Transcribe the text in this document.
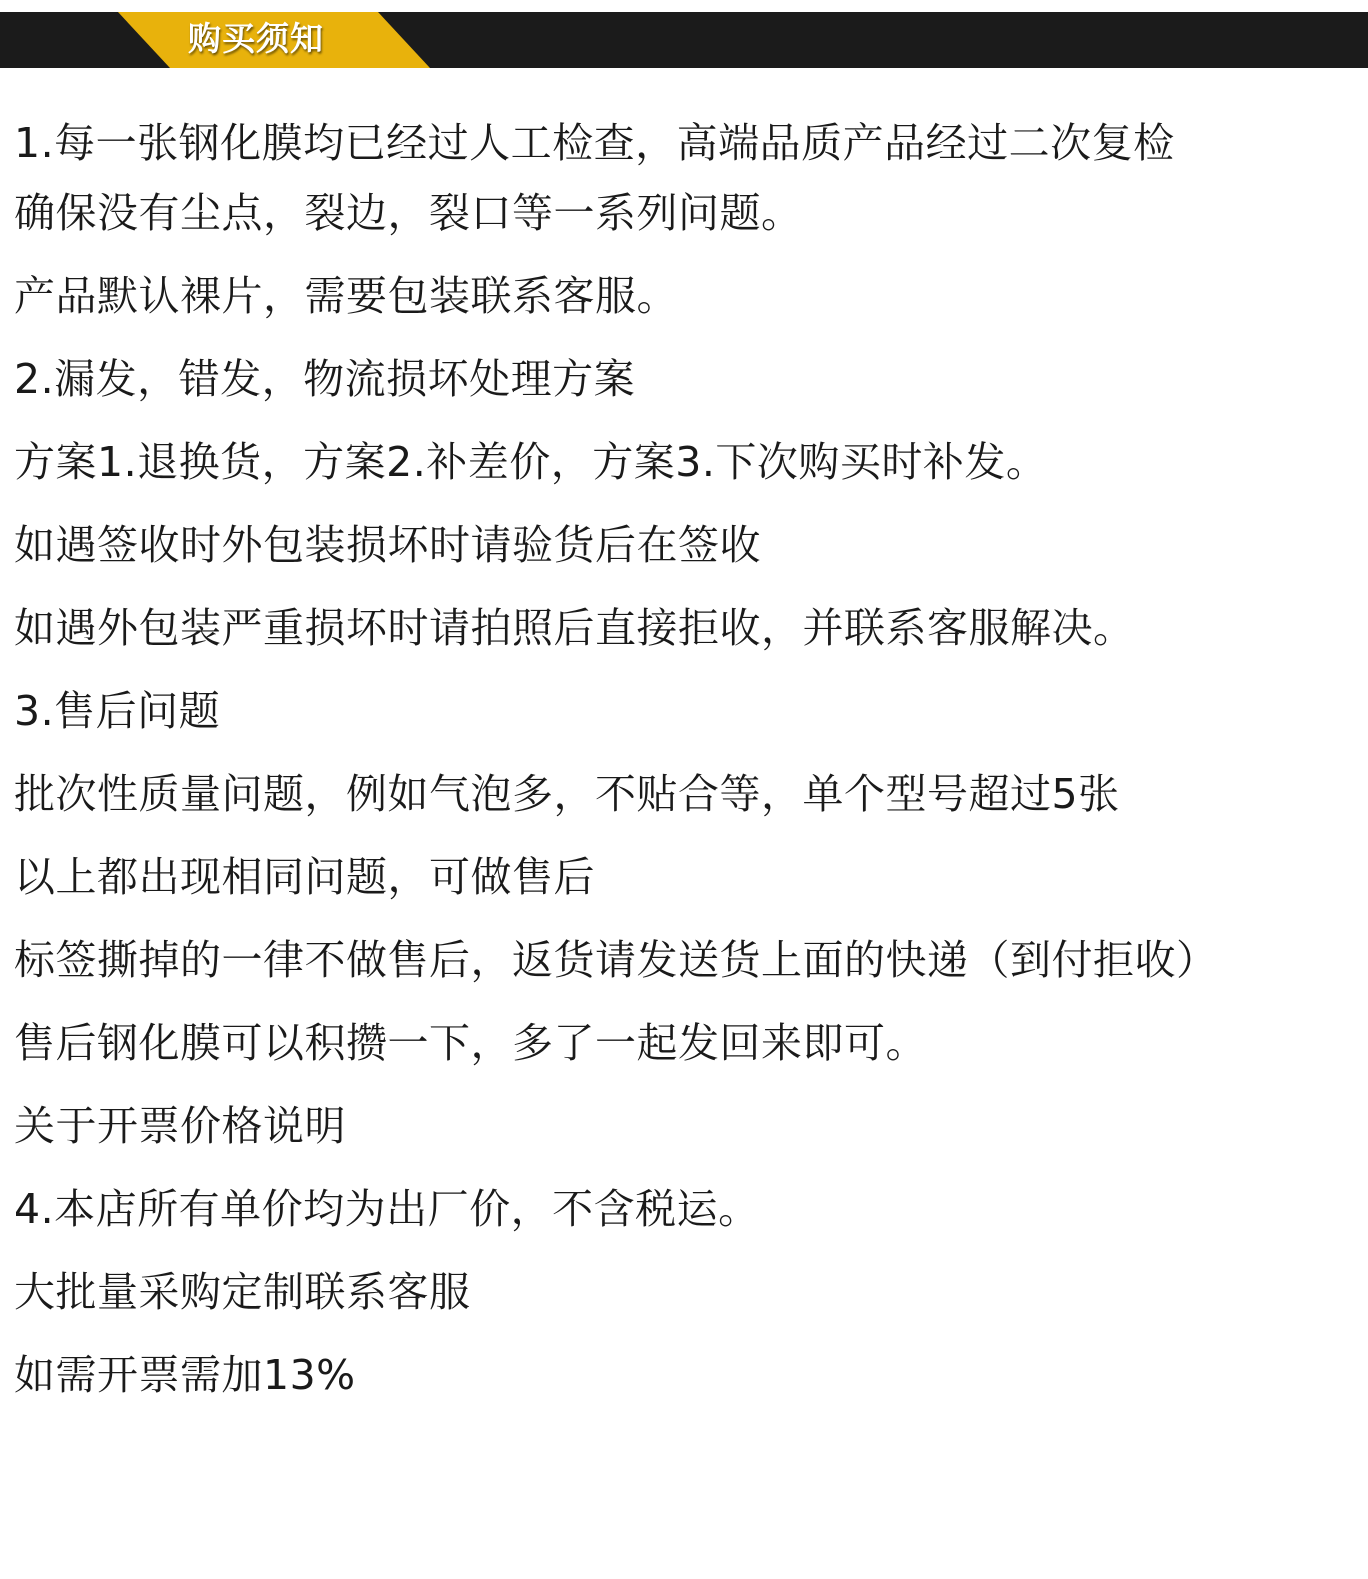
购买须知
1.每一张钢化膜均已经过人工检查，高端品质产品经过二次复检
确保没有尘点，裂边，裂口等一系列问题。
产品默认裸片，需要包装联系客服。
2.漏发，错发，物流损坏处理方案
方案1.退换货，方案2.补差价，方案3.下次购买时补发。
如遇签收时外包装损坏时请验货后在签收
如遇外包装严重损坏时请拍照后直接拒收，并联系客服解决。
3.售后问题
批次性质量问题，例如气泡多，不贴合等，单个型号超过5张
以上都出现相同问题，可做售后
标签撕掉的一律不做售后，返货请发送货上面的快递（到付拒收）
售后钢化膜可以积攒一下，多了一起发回来即可。
关于开票价格说明
4.本店所有单价均为出厂价，不含税运。
大批量采购定制联系客服
如需开票需加13%
